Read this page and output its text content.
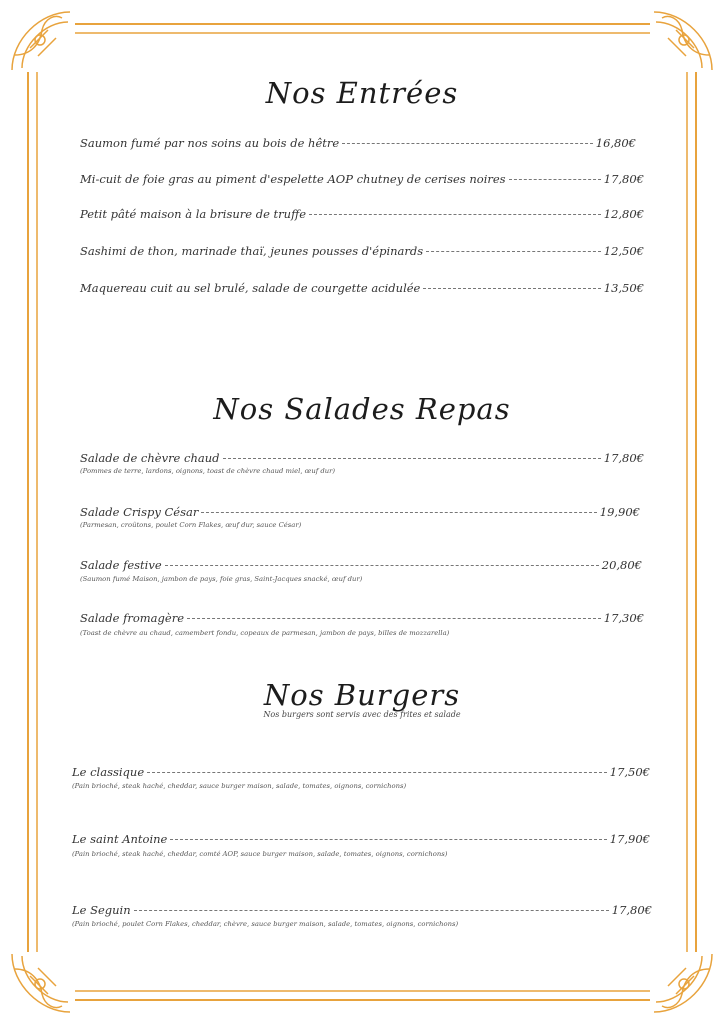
Nos Entrées
Saumon fumé par nos soins au bois de hêtre	16,80€
Mi-cuit de foie gras au piment d'espelette AOP chutney de cerises noires	17,80€
Petit pâté maison à la brisure de truffe	12,80€
Sashimi de thon, marinade thaï, jeunes pousses d'épinards	12,50€
Maquereau cuit au sel brulé, salade de courgette acidulée	13,50€
Nos Salades Repas
Salade de chèvre chaud	17,80€
(Pommes de terre, lardons, oignons, toast de chèvre chaud miel, œuf dur)
Salade Crispy César	19,90€
(Parmesan, croûtons, poulet Corn Flakes, œuf dur, sauce César)
Salade festive	20,80€
(Saumon fumé Maison, jambon de pays, foie gras, Saint-Jacques snacké, œuf dur)
Salade fromagère	17,30€
(Toast de chèvre au chaud, camembert fondu, copeaux de parmesan, jambon de pays, billes de mozzarella)
Nos Burgers
Nos burgers sont servis avec des frites et salade
Le classique	17,50€
(Pain brioché, steak haché, cheddar, sauce burger maison, salade, tomates, oignons, cornichons)
Le saint Antoine	17,90€
(Pain brioché, steak haché, cheddar, comté AOP, sauce burger maison, salade, tomates, oignons, cornichons)
Le Seguin	17,80€
(Pain brioché, poulet Corn Flakes, cheddar, chèvre, sauce burger maison, salade, tomates, oignons, cornichons)
